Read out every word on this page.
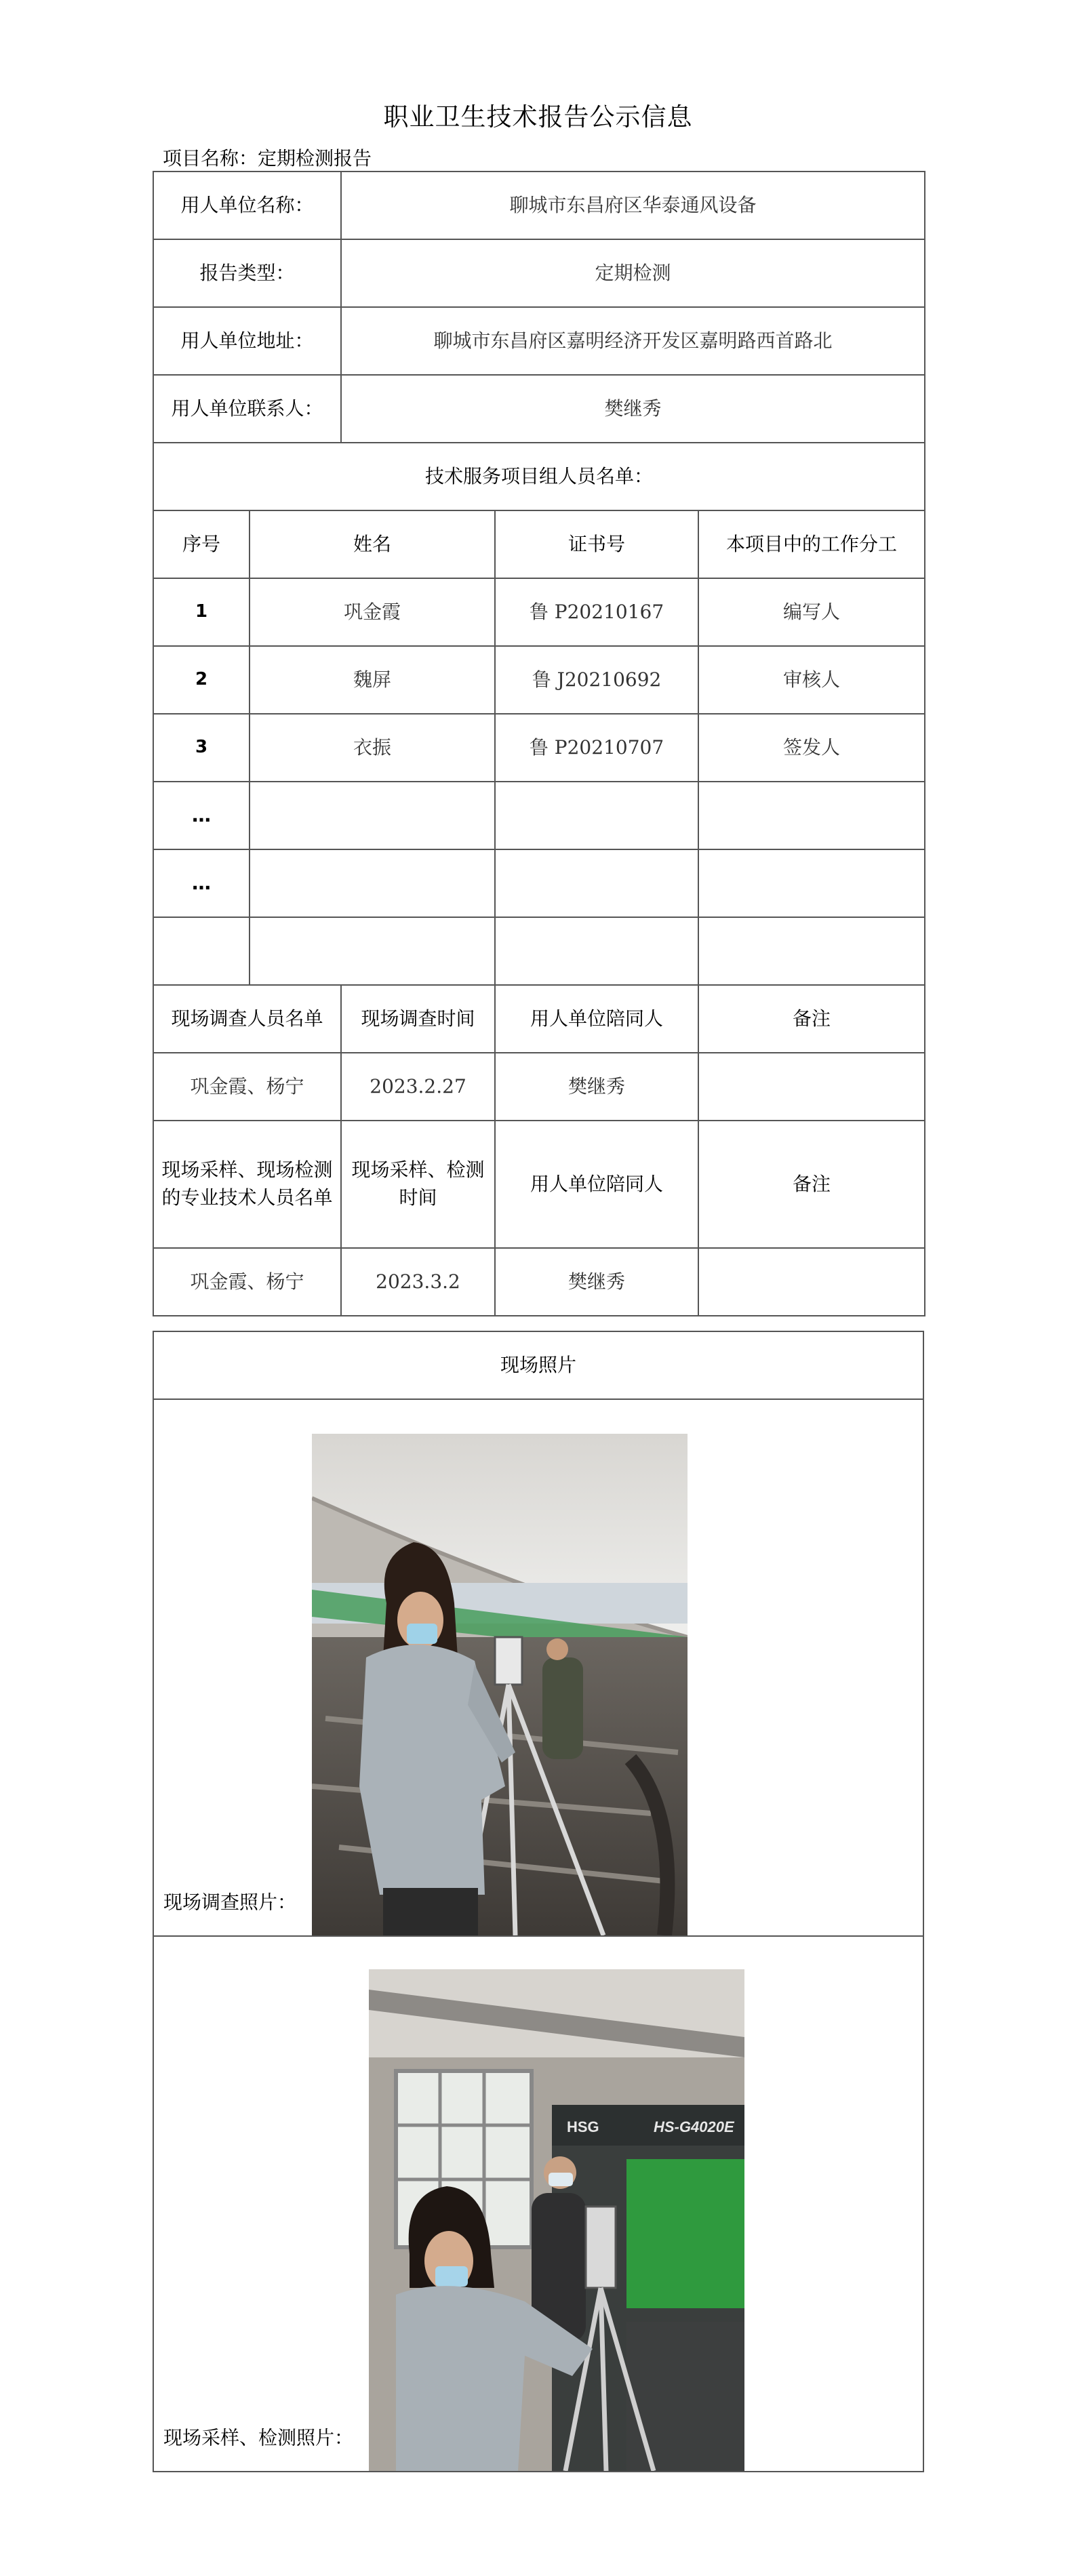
职业卫生技术报告公示信息
项目名称：定期检测报告
用人单位名称：		聊城市东昌府区华泰通风设备		
报告类型：		定期检测		
用人单位地址：		聊城市东昌府区嘉明经济开发区嘉明路西首路北		
用人单位联系人：		樊继秀		
技术服务项目组人员名单：				
序号	姓名		证书号	本项目中的工作分工
1	巩金霞		鲁 P20210167	编写人
2	魏屏		鲁 J20210692	审核人
3	衣振		鲁 P20210707	签发人
…				
…				

现场调查人员名单		现场调查时间	用人单位陪同人	备注
巩金霞、杨宁		2023.2.27	樊继秀	
现场采样、现场检测的专业技术人员名单		现场采样、检测时间	用人单位陪同人	备注
巩金霞、杨宁		2023.3.2	樊继秀	
现场照片
现场调查照片：

现场采样、检测照片：
HSG	HS-G4020E
